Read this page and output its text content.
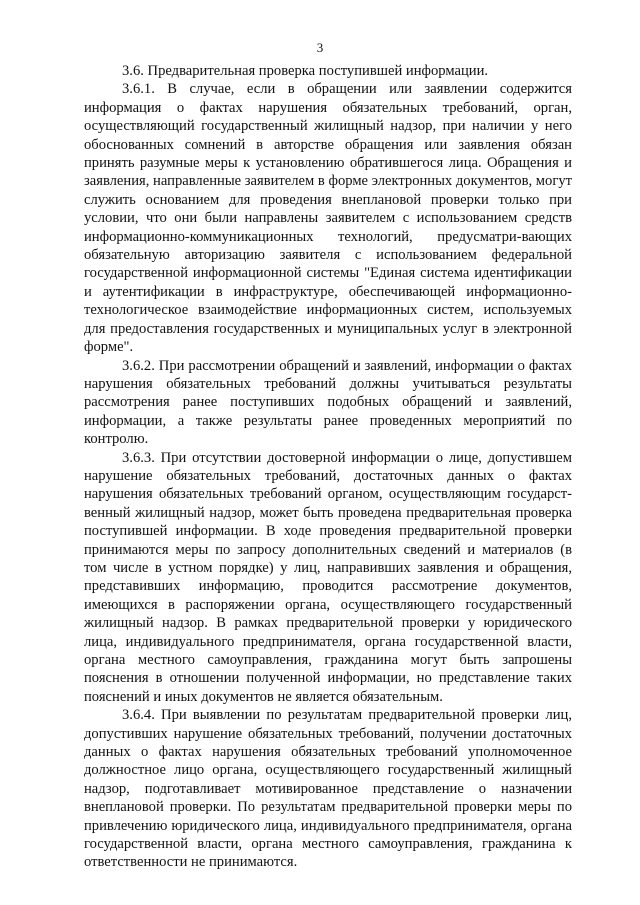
3

3.6. Предварительная проверка поступившей информации.

3.6.1. В случае, если в обращении или заявлении содержится информация о фактах нарушения обязательных требований, орган, осуществляющий государственный жилищный надзор, при наличии у него обоснованных сомнений в авторстве обращения или заявления обязан принять разумные меры к установлению обратившегося лица. Обращения и заявления, направленные заявителем в форме электронных документов, могут служить основанием для проведения внеплановой проверки только при условии, что они были направлены заявителем с использованием средств информационно-коммуникационных технологий, предусматри-вающих обязательную авторизацию заявителя с использованием федеральной государственной информационной системы "Единая система идентификации и аутентификации в инфраструктуре, обеспечивающей информационно-технологическое взаимодействие информационных систем, используемых для предоставления государственных и муниципальных услуг в электронной форме".

3.6.2. При рассмотрении обращений и заявлений, информации о фактах нарушения обязательных требований должны учитываться результаты рассмотрения ранее поступивших подобных обращений и заявлений, информации, а также результаты ранее проведенных мероприятий по контролю.

3.6.3. При отсутствии достоверной информации о лице, допустившем нарушение обязательных требований, достаточных данных о фактах нарушения обязательных требований органом, осуществляющим государст-венный жилищный надзор, может быть проведена предварительная проверка поступившей информации. В ходе проведения предварительной проверки принимаются меры по запросу дополнительных сведений и материалов (в том числе в устном порядке) у лиц, направивших заявления и обращения, представивших информацию, проводится рассмотрение документов, имеющихся в распоряжении органа, осуществляющего государственный жилищный надзор. В рамках предварительной проверки у юридического лица, индивидуального предпринимателя, органа государственной власти, органа местного самоуправления, гражданина могут быть запрошены пояснения в отношении полученной информации, но представление таких пояснений и иных документов не является обязательным.

3.6.4. При выявлении по результатам предварительной проверки лиц, допустивших нарушение обязательных требований, получении достаточных данных о фактах нарушения обязательных требований уполномоченное должностное лицо органа, осуществляющего государственный жилищный надзор, подготавливает мотивированное представление о назначении внеплановой проверки. По результатам предварительной проверки меры по привлечению юридического лица, индивидуального предпринимателя, органа государственной власти, органа местного самоуправления, гражданина к ответственности не принимаются.
